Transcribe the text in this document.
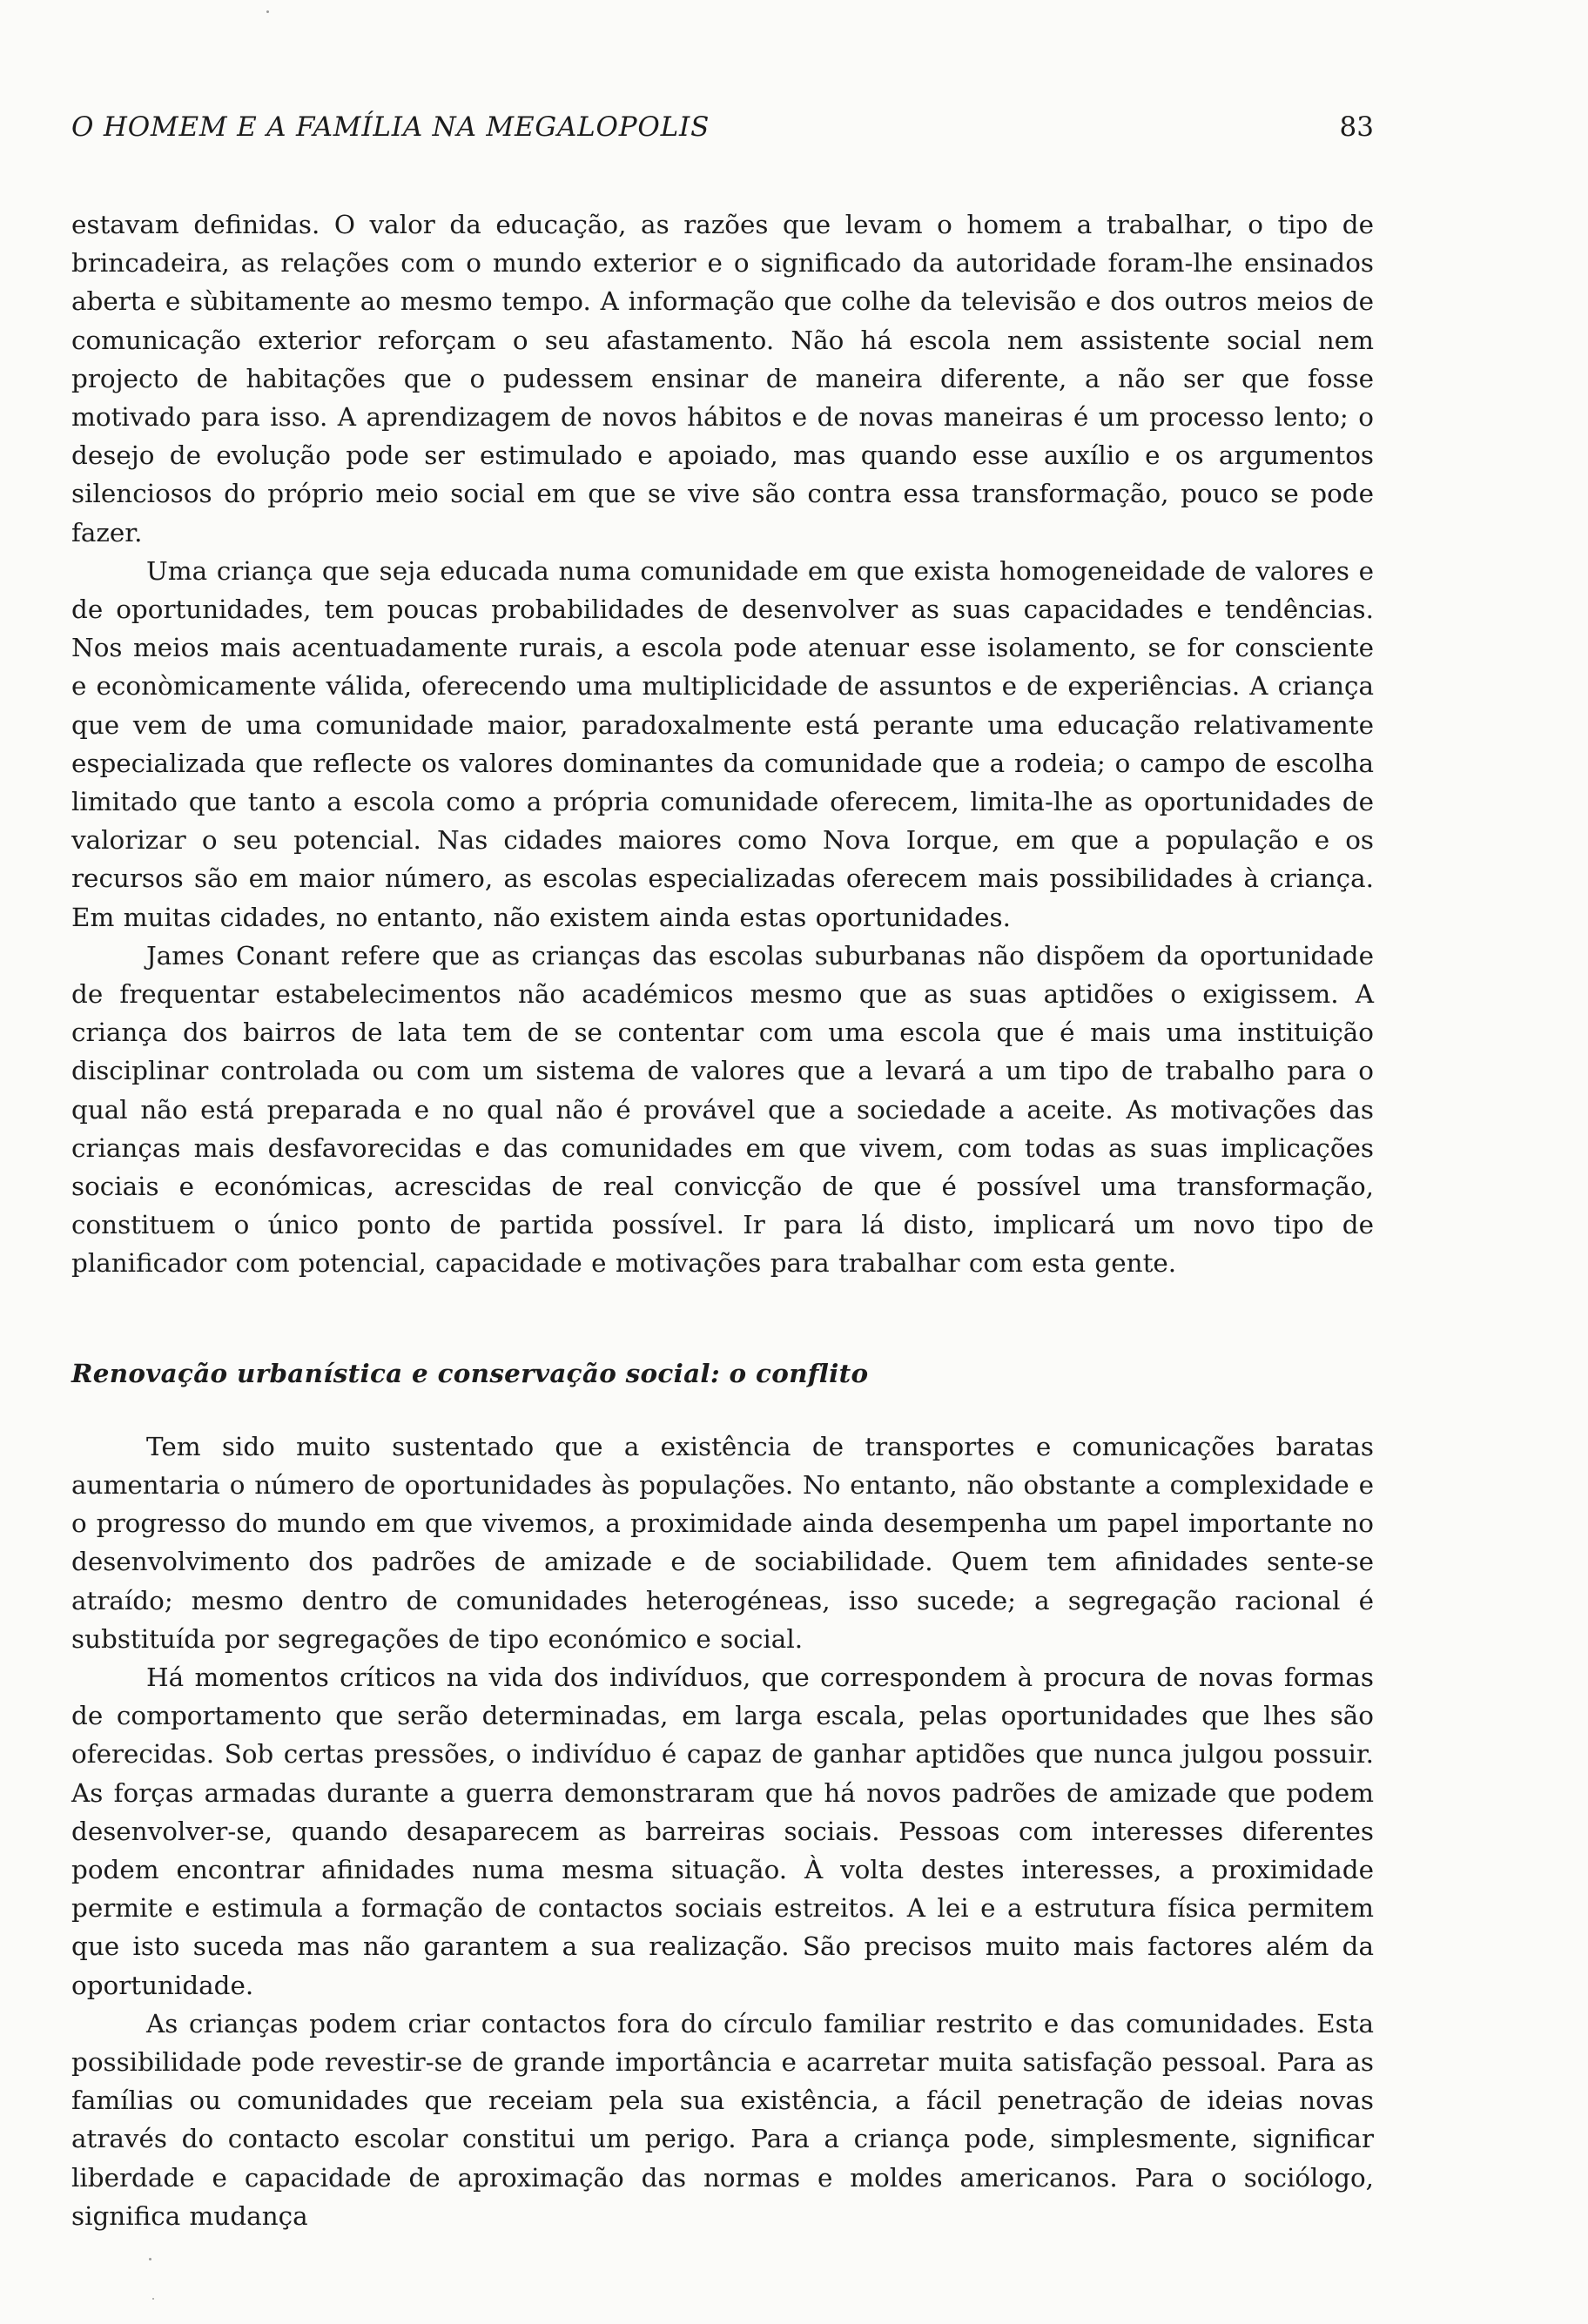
O HOMEM E A FAMÍLIA NA MEGALOPOLIS	83

estavam definidas. O valor da educação, as razões que levam o homem a trabalhar, o tipo de brincadeira, as relações com o mundo exterior e o significado da autoridade foram-lhe ensinados aberta e sùbitamente ao mesmo tempo. A informação que colhe da televisão e dos outros meios de comunicação exterior reforçam o seu afastamento. Não há escola nem assistente social nem projecto de habitações que o pudessem ensinar de maneira diferente, a não ser que fosse motivado para isso. A aprendizagem de novos hábitos e de novas maneiras é um processo lento; o desejo de evolução pode ser estimulado e apoiado, mas quando esse auxílio e os argumentos silenciosos do próprio meio social em que se vive são contra essa transformação, pouco se pode fazer.

Uma criança que seja educada numa comunidade em que exista homogeneidade de valores e de oportunidades, tem poucas probabilidades de desenvolver as suas capacidades e tendências. Nos meios mais acentuadamente rurais, a escola pode atenuar esse isolamento, se for consciente e econòmicamente válida, oferecendo uma multiplicidade de assuntos e de experiências. A criança que vem de uma comunidade maior, paradoxalmente está perante uma educação relativamente especializada que reflecte os valores dominantes da comunidade que a rodeia; o campo de escolha limitado que tanto a escola como a própria comunidade oferecem, limita-lhe as oportunidades de valorizar o seu potencial. Nas cidades maiores como Nova Iorque, em que a população e os recursos são em maior número, as escolas especializadas oferecem mais possibilidades à criança. Em muitas cidades, no entanto, não existem ainda estas oportunidades.

James Conant refere que as crianças das escolas suburbanas não dispõem da oportunidade de frequentar estabelecimentos não académicos mesmo que as suas aptidões o exigissem. A criança dos bairros de lata tem de se contentar com uma escola que é mais uma instituição disciplinar controlada ou com um sistema de valores que a levará a um tipo de trabalho para o qual não está preparada e no qual não é provável que a sociedade a aceite. As motivações das crianças mais desfavorecidas e das comunidades em que vivem, com todas as suas implicações sociais e económicas, acrescidas de real convicção de que é possível uma transformação, constituem o único ponto de partida possível. Ir para lá disto, implicará um novo tipo de planificador com potencial, capacidade e motivações para trabalhar com esta gente.

Renovação urbanística e conservação social: o conflito

Tem sido muito sustentado que a existência de transportes e comunicações baratas aumentaria o número de oportunidades às populações. No entanto, não obstante a complexidade e o progresso do mundo em que vivemos, a proximidade ainda desempenha um papel importante no desenvolvimento dos padrões de amizade e de sociabilidade. Quem tem afinidades sente-se atraído; mesmo dentro de comunidades heterogéneas, isso sucede; a segregação racional é substituída por segregações de tipo económico e social.

Há momentos críticos na vida dos indivíduos, que correspondem à procura de novas formas de comportamento que serão determinadas, em larga escala, pelas oportunidades que lhes são oferecidas. Sob certas pressões, o indivíduo é capaz de ganhar aptidões que nunca julgou possuir. As forças armadas durante a guerra demonstraram que há novos padrões de amizade que podem desenvolver-se, quando desaparecem as barreiras sociais. Pessoas com interesses diferentes podem encontrar afinidades numa mesma situação. À volta destes interesses, a proximidade permite e estimula a formação de contactos sociais estreitos. A lei e a estrutura física permitem que isto suceda mas não garantem a sua realização. São precisos muito mais factores além da oportunidade.

As crianças podem criar contactos fora do círculo familiar restrito e das comunidades. Esta possibilidade pode revestir-se de grande importância e acarretar muita satisfação pessoal. Para as famílias ou comunidades que receiam pela sua existência, a fácil penetração de ideias novas através do contacto escolar constitui um perigo. Para a criança pode, simplesmente, significar liberdade e capacidade de aproximação das normas e moldes americanos. Para o sociólogo, significa mudança
